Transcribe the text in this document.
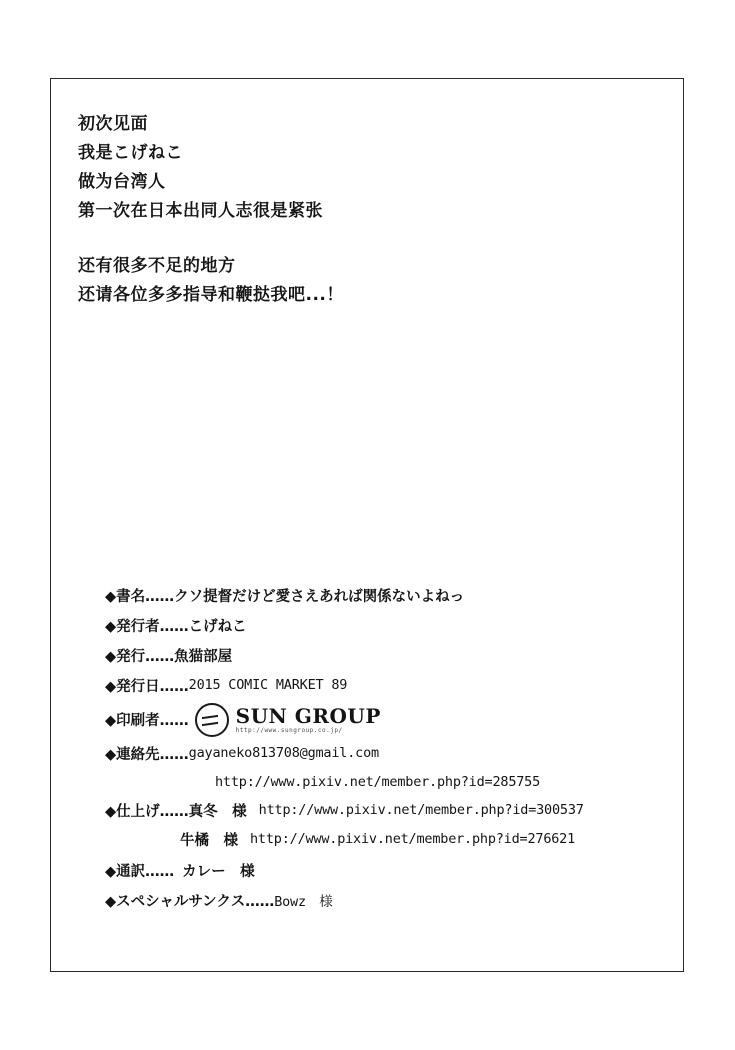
初次见面
我是こげねこ
做为台湾人
第一次在日本出同人志很是紧张
还有很多不足的地方
还请各位多多指导和鞭挞我吧...！
◆書名…… クソ提督だけど愛さえあれば関係ないよねっ
◆発行者…… こげねこ
◆発行…… 魚猫部屋
◆発行日…… 2015 COMIC MARKET 89
◆印刷者…… SUN GROUP
http://www.sungroup.co.jp/
◆連絡先…… gayaneko813708@gmail.com
http://www.pixiv.net/member.php?id=285755
◆仕上げ…… 真冬　様 http://www.pixiv.net/member.php?id=300537
牛橘　様 http://www.pixiv.net/member.php?id=276621
◆通訳…… カレー　様
◆スペシャルサンクス…… Bowz　様
